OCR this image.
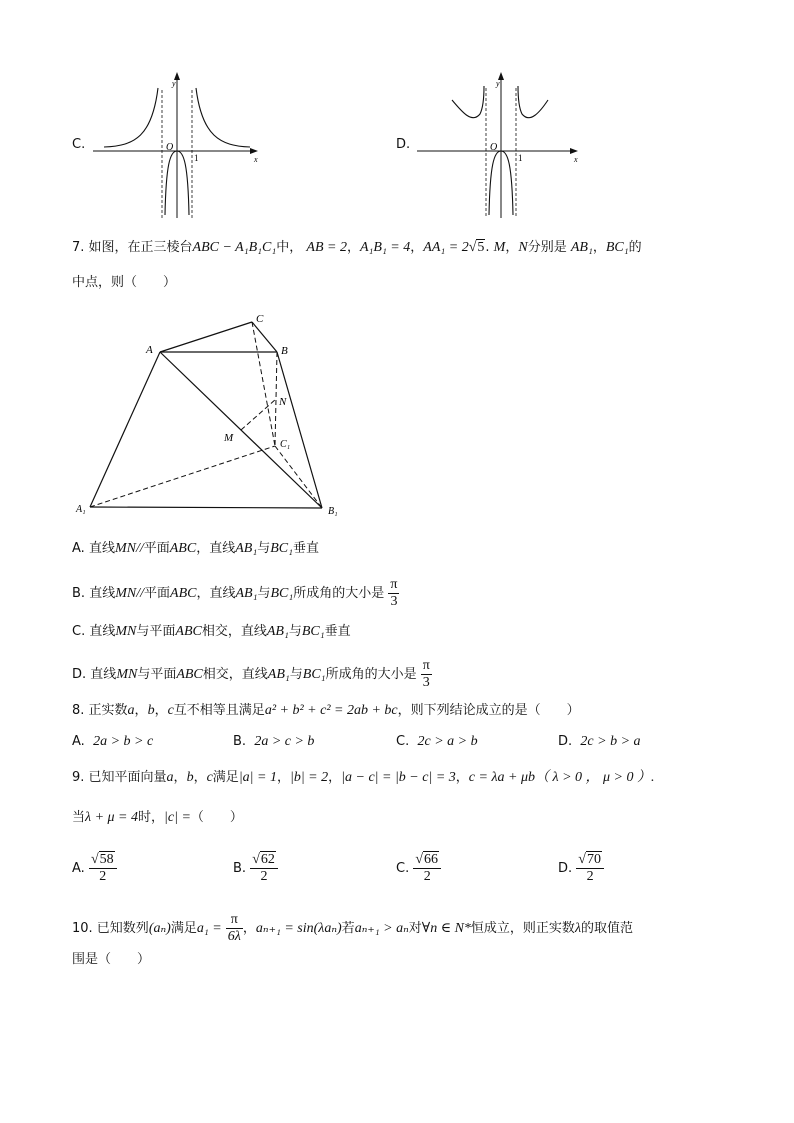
C.
y
x
O
1
D.
y
x
O
1
7. 如图，在正三棱台ABC − A₁B₁C₁中， AB = 2，A₁B₁ = 4，AA₁ = 2√5. M，N分别是 AB₁，BC₁的
中点，则（　　）
A	B
C
A₁	B₁
C₁
M
N
A. 直线MN//平面ABC，直线AB₁与BC₁垂直
B. 直线MN//平面ABC，直线AB₁与BC₁所成角的大小是 $\frac{\pi}{3}$
C. 直线MN与平面ABC相交，直线AB₁与BC₁垂直
D. 直线MN与平面ABC相交，直线AB₁与BC₁所成角的大小是 $\frac{\pi}{3}$
8. 正实数a，b，c互不相等且满足a² + b² + c² = 2ab + bc，则下列结论成立的是（　　）
A. 2a > b > c	B. 2a > c > b	C. 2c > a > b	D. 2c > b > a
9. 已知平面向量a，b，c满足|a| = 1，|b| = 2，|a − c| = |b − c| = 3，c = λa + μb（ λ > 0 ， μ > 0 ）.
当λ + μ = 4时，|c| =（　　）
A. $\frac{√58}{2}$	B. $\frac{√62}{2}$	C. $\frac{√66}{2}$	D. $\frac{√70}{2}$
10. 已知数列(aₙ)满足$a_1 = \frac{\pi}{6\lambda}$ ，aₙ₊₁ = sin(λaₙ)若aₙ₊₁ > aₙ对∀n ∈ N*恒成立，则正实数λ的取值范
围是（　　）
